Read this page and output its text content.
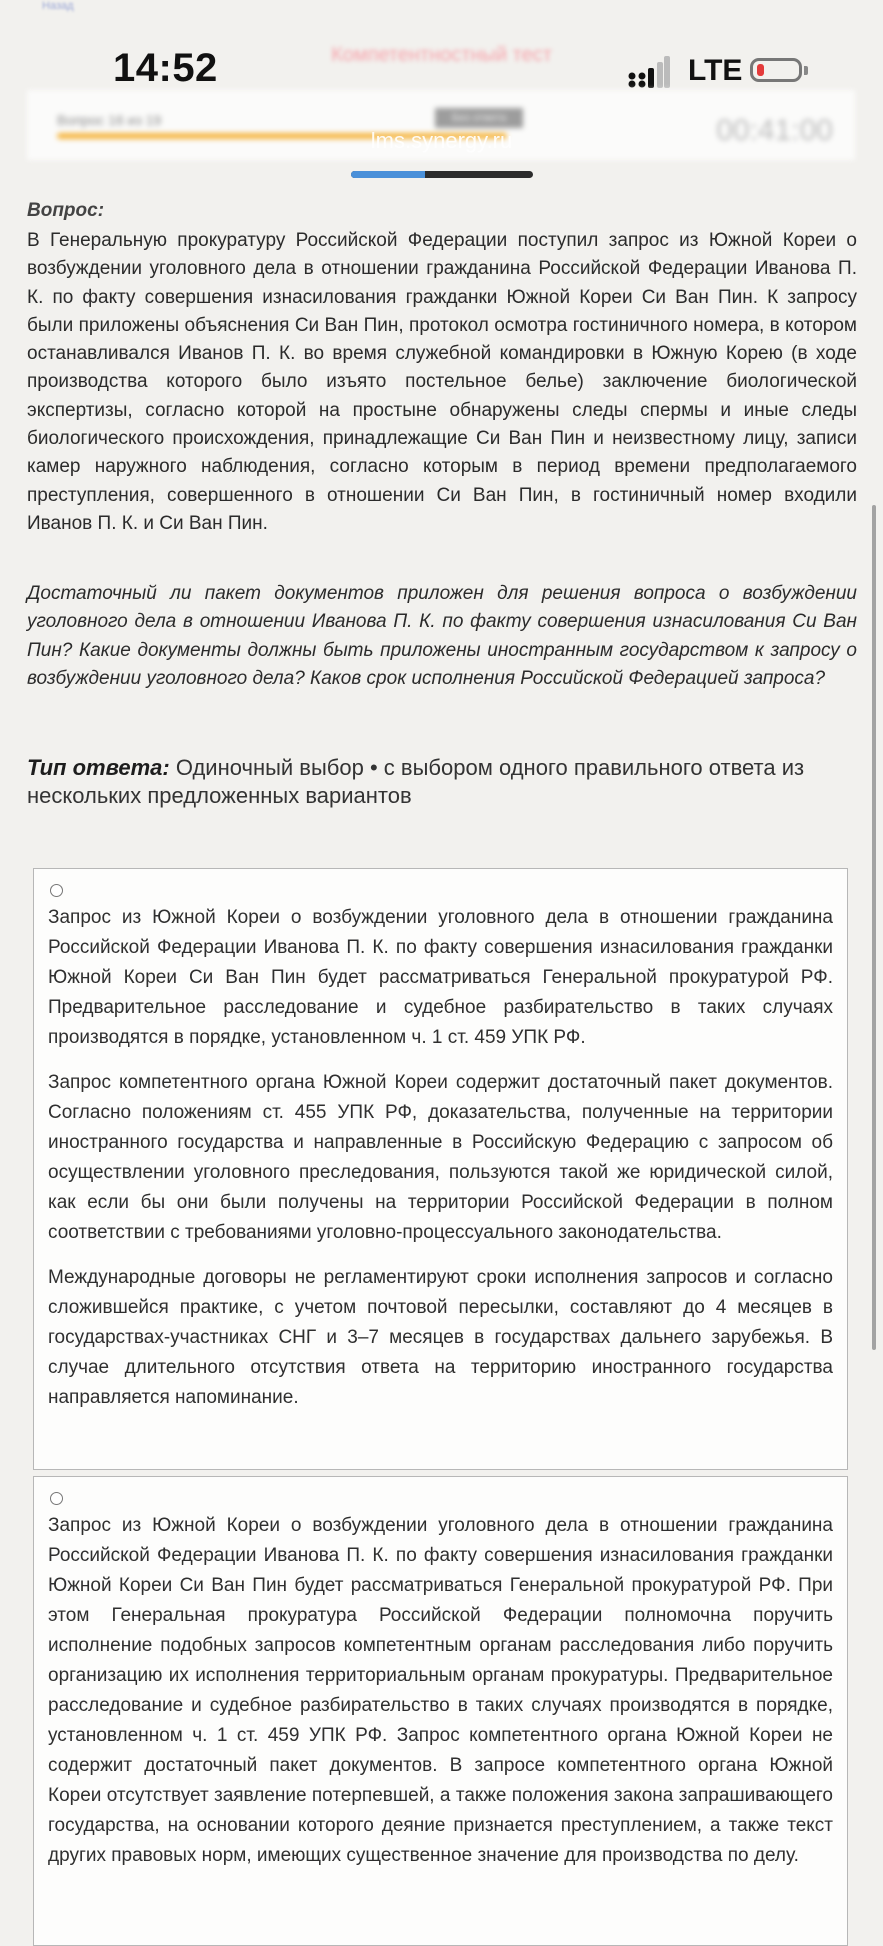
Назад
Компетентностный тест
14:52	LTE
Вопрос 16 из 19	Без ответа	00:41:00
lms.synergy.ru
Вопрос:
В Генеральную прокуратуру Российской Федерации поступил запрос из Южной Кореи о возбуждении уголовного дела в отношении гражданина Российской Федерации Иванова П. К. по факту совершения изнасилования гражданки Южной Кореи Си Ван Пин. К запросу были приложены объяснения Си Ван Пин, протокол осмотра гостиничного номера, в котором останавливался Иванов П. К. во время служебной командировки в Южную Корею (в ходе производства которого было изъято постельное белье) заключение биологической экспертизы, согласно которой на простыне обнаружены следы спермы и иные следы биологического происхождения, принадлежащие Си Ван Пин и неизвестному лицу, записи камер наружного наблюдения, согласно которым в период времени предполагаемого преступления, совершенного в отношении Си Ван Пин, в гостиничный номер входили Иванов П. К. и Си Ван Пин.
Достаточный ли пакет документов приложен для решения вопроса о возбуждении уголовного дела в отношении Иванова П. К. по факту совершения изнасилования Си Ван Пин? Какие документы должны быть приложены иностранным государством к запросу о возбуждении уголовного дела? Каков срок исполнения Российской Федерацией запроса?
Тип ответа: Одиночный выбор • с выбором одного правильного ответа из нескольких предложенных вариантов

Запрос из Южной Кореи о возбуждении уголовного дела в отношении гражданина Российской Федерации Иванова П. К. по факту совершения изнасилования гражданки Южной Кореи Си Ван Пин будет рассматриваться Генеральной прокуратурой РФ. Предварительное расследование и судебное разбирательство в таких случаях производятся в порядке, установленном ч. 1 ст. 459 УПК РФ.

Запрос компетентного органа Южной Кореи содержит достаточный пакет документов. Согласно положениям ст. 455 УПК РФ, доказательства, полученные на территории иностранного государства и направленные в Российскую Федерацию с запросом об осуществлении уголовного преследования, пользуются такой же юридической силой, как если бы они были получены на территории Российской Федерации в полном соответствии с требованиями уголовно-процессуального законодательства.

Международные договоры не регламентируют сроки исполнения запросов и согласно сложившейся практике, с учетом почтовой пересылки, составляют до 4 месяцев в государствах-участниках СНГ и 3–7 месяцев в государствах дальнего зарубежья. В случае длительного отсутствия ответа на территорию иностранного государства направляется напоминание.

Запрос из Южной Кореи о возбуждении уголовного дела в отношении гражданина Российской Федерации Иванова П. К. по факту совершения изнасилования гражданки Южной Кореи Си Ван Пин будет рассматриваться Генеральной прокуратурой РФ. При этом Генеральная прокуратура Российской Федерации полномочна поручить исполнение подобных запросов компетентным органам расследования либо поручить организацию их исполнения территориальным органам прокуратуры. Предварительное расследование и судебное разбирательство в таких случаях производятся в порядке, установленном ч. 1 ст. 459 УПК РФ. Запрос компетентного органа Южной Кореи не содержит достаточный пакет документов. В запросе компетентного органа Южной Кореи отсутствует заявление потерпевшей, а также положения закона запрашивающего государства, на основании которого деяние признается преступлением, а также текст других правовых норм, имеющих существенное значение для производства по делу.
